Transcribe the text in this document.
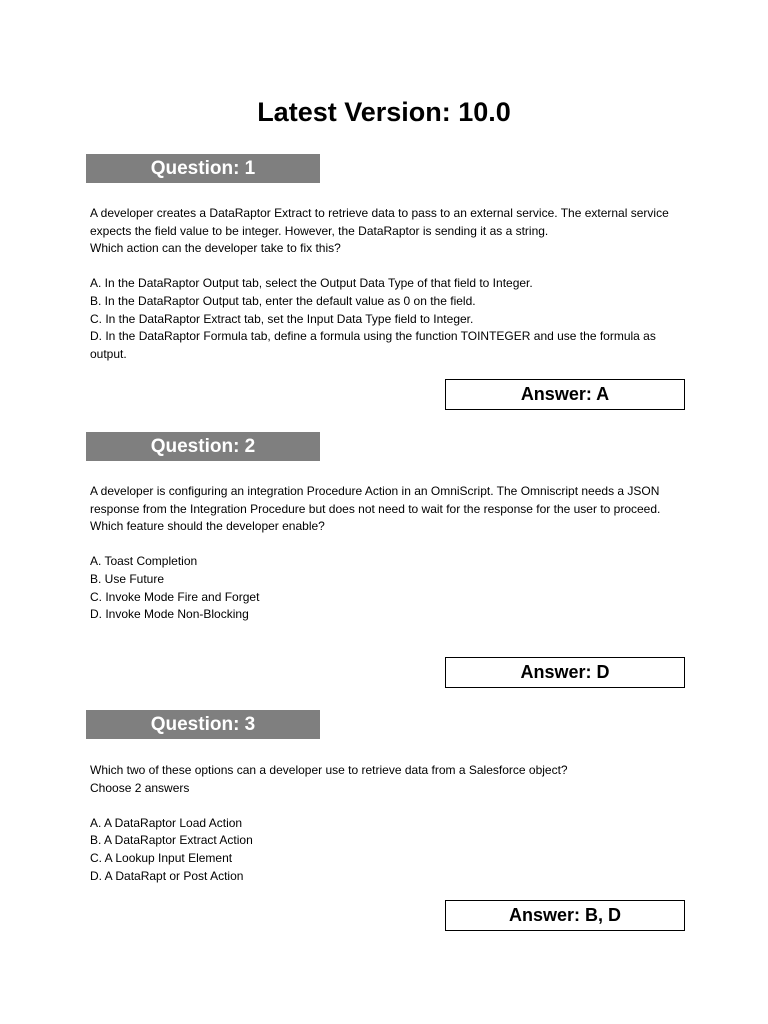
Latest Version: 10.0
Question: 1

A developer creates a DataRaptor Extract to retrieve data to pass to an external service. The external service expects the field value to be integer. However, the DataRaptor is sending it as a string.

Which action can the developer take to fix this?

A. In the DataRaptor Output tab, select the Output Data Type of that field to Integer.

B. In the DataRaptor Output tab, enter the default value as 0 on the field.

C. In the DataRaptor Extract tab, set the Input Data Type field to Integer.

D. In the DataRaptor Formula tab, define a formula using the function TOINTEGER and use the formula as output.

Answer: A
Question: 2

A developer is configuring an integration Procedure Action in an OmniScript. The Omniscript needs a JSON response from the Integration Procedure but does not need to wait for the response for the user to proceed.

Which feature should the developer enable?

A. Toast Completion

B. Use Future

C. Invoke Mode Fire and Forget

D. Invoke Mode Non-Blocking

Answer: D
Question: 3

Which two of these options can a developer use to retrieve data from a Salesforce object?

Choose 2 answers

A. A DataRaptor Load Action

B. A DataRaptor Extract Action

C. A Lookup Input Element

D. A DataRapt or Post Action

Answer: B, D
